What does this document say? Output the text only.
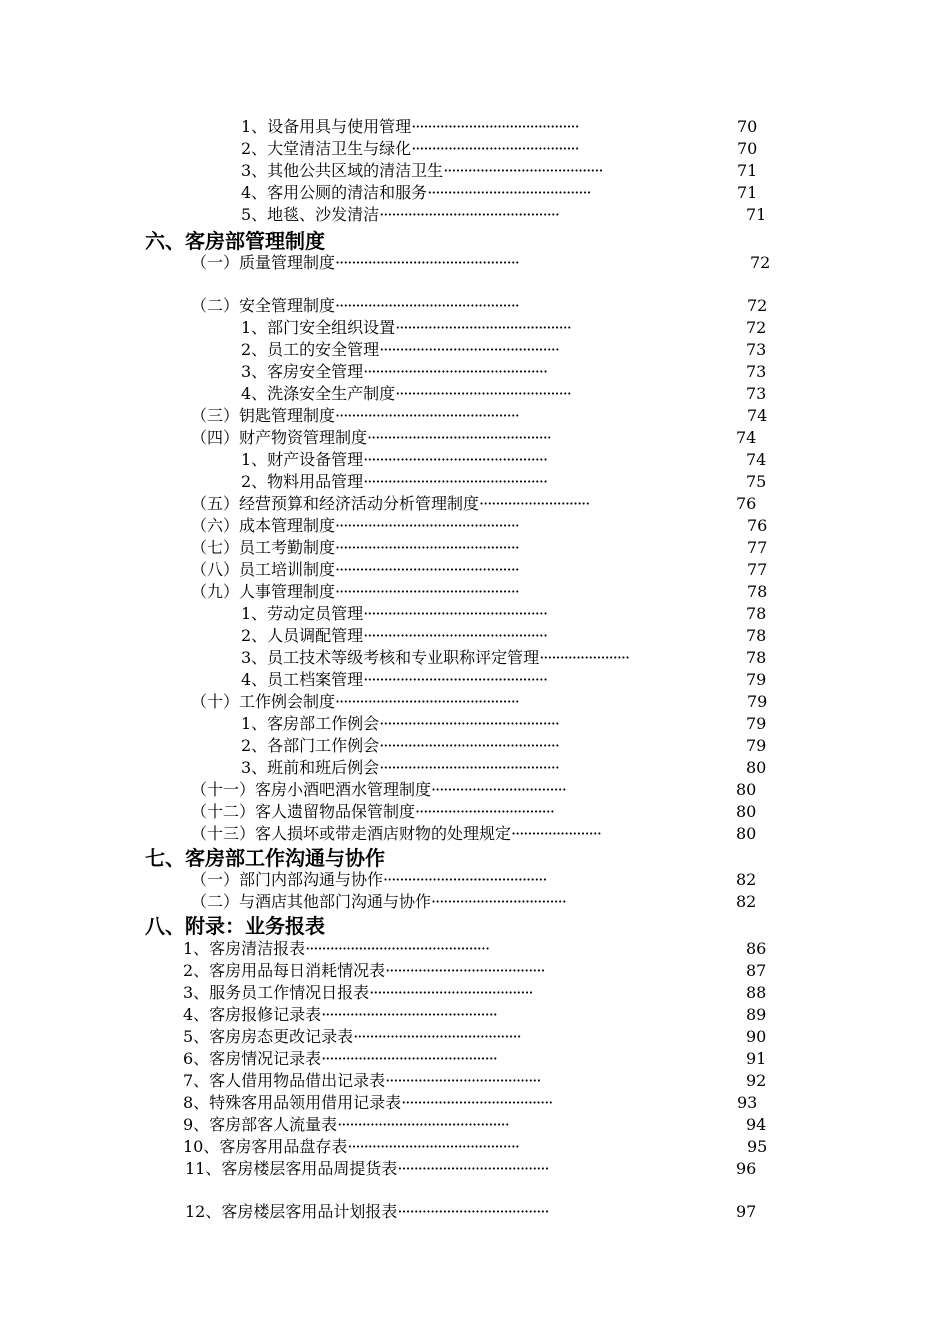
1、设备用具与使用管理·········································	70
2、大堂清洁卫生与绿化·········································	70
3、其他公共区域的清洁卫生·······································	71
4、客用公厕的清洁和服务········································	71
5、地毯、沙发清洁············································	71
六、客房部管理制度
（一）质量管理制度·············································	72
（二）安全管理制度·············································	72
1、部门安全组织设置···········································	72
2、员工的安全管理············································	73
3、客房安全管理·············································	73
4、洗涤安全生产制度···········································	73
（三）钥匙管理制度·············································	74
（四）财产物资管理制度·············································	74
1、财产设备管理·············································	74
2、物料用品管理·············································	75
（五）经营预算和经济活动分析管理制度···························	76
（六）成本管理制度·············································	76
（七）员工考勤制度·············································	77
（八）员工培训制度·············································	77
（九）人事管理制度·············································	78
1、劳动定员管理·············································	78
2、人员调配管理·············································	78
3、员工技术等级考核和专业职称评定管理······················	78
4、员工档案管理·············································	79
（十）工作例会制度·············································	79
1、客房部工作例会············································	79
2、各部门工作例会············································	79
3、班前和班后例会············································	80
（十一）客房小酒吧酒水管理制度·································	80
（十二）客人遗留物品保管制度··································	80
（十三）客人损坏或带走酒店财物的处理规定······················	80
七、客房部工作沟通与协作
（一）部门内部沟通与协作········································	82
（二）与酒店其他部门沟通与协作·································	82
八、附录：业务报表
1、客房清洁报表·············································	86
2、客房用品每日消耗情况表·······································	87
3、服务员工作情况日报表········································	88
4、客房报修记录表···········································	89
5、客房房态更改记录表·········································	90
6、客房情况记录表···········································	91
7、客人借用物品借出记录表······································	92
8、特殊客用品领用借用记录表·····································	93
9、客房部客人流量表··········································	94
10、客房客用品盘存表··········································	95
11、客房楼层客用品周提货表·····································	96
12、客房楼层客用品计划报表·····································	97
